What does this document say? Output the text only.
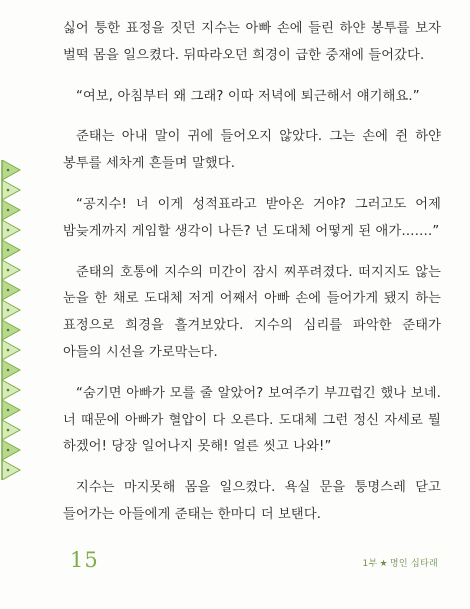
싫어 퉁한 표정을 짓던 지수는 아빠 손에 들린 하얀 봉투를 보자 벌떡 몸을 일으켰다. 뒤따라오던 희경이 급한 중재에 들어갔다.

“여보, 아침부터 왜 그래? 이따 저녁에 퇴근해서 얘기해요.”

준태는 아내 말이 귀에 들어오지 않았다. 그는 손에 쥔 하얀 봉투를 세차게 흔들며 말했다.

“공지수! 너 이게 성적표라고 받아온 거야? 그러고도 어제 밤늦게까지 게임할 생각이 나든? 넌 도대체 어떻게 된 애가…….”

준태의 호통에 지수의 미간이 잠시 찌푸려졌다. 떠지지도 않는 눈을 한 채로 도대체 저게 어째서 아빠 손에 들어가게 됐지 하는 표정으로 희경을 흘겨보았다. 지수의 심리를 파악한 준태가 아들의 시선을 가로막는다.

“숨기면 아빠가 모를 줄 알았어? 보여주기 부끄럽긴 했나 보네. 너 때문에 아빠가 혈압이 다 오른다. 도대체 그런 정신 자세로 뭘 하겠어! 당장 일어나지 못해! 얼른 씻고 나와!”

지수는 마지못해 몸을 일으켰다. 욕실 문을 퉁명스레 닫고 들어가는 아들에게 준태는 한마디 더 보탠다.

15	1부 ★ 명인 십타래
